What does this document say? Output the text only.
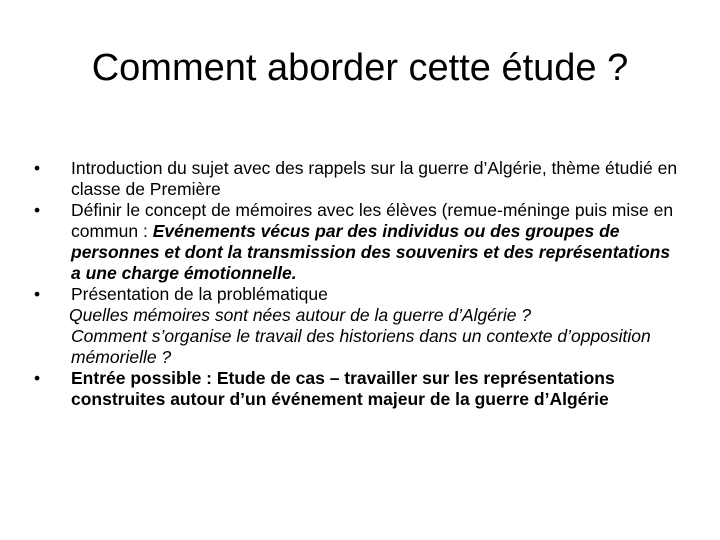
Comment aborder cette étude ?
•	Introduction du sujet avec des rappels sur la guerre d’Algérie, thème étudié en classe de Première
•	Définir le concept de mémoires avec les élèves (remue-méninge puis mise en commun : Evénements vécus par des individus ou des groupes de personnes et dont la transmission des souvenirs et des représentations a une charge émotionnelle.
•	Présentation de la problématique
Quelles mémoires sont nées autour de la guerre d’Algérie ?
Comment s’organise le travail des historiens dans un contexte d’opposition mémorielle ?
•	Entrée possible : Etude de cas – travailler sur les représentations construites autour d’un événement majeur de la guerre d’Algérie
